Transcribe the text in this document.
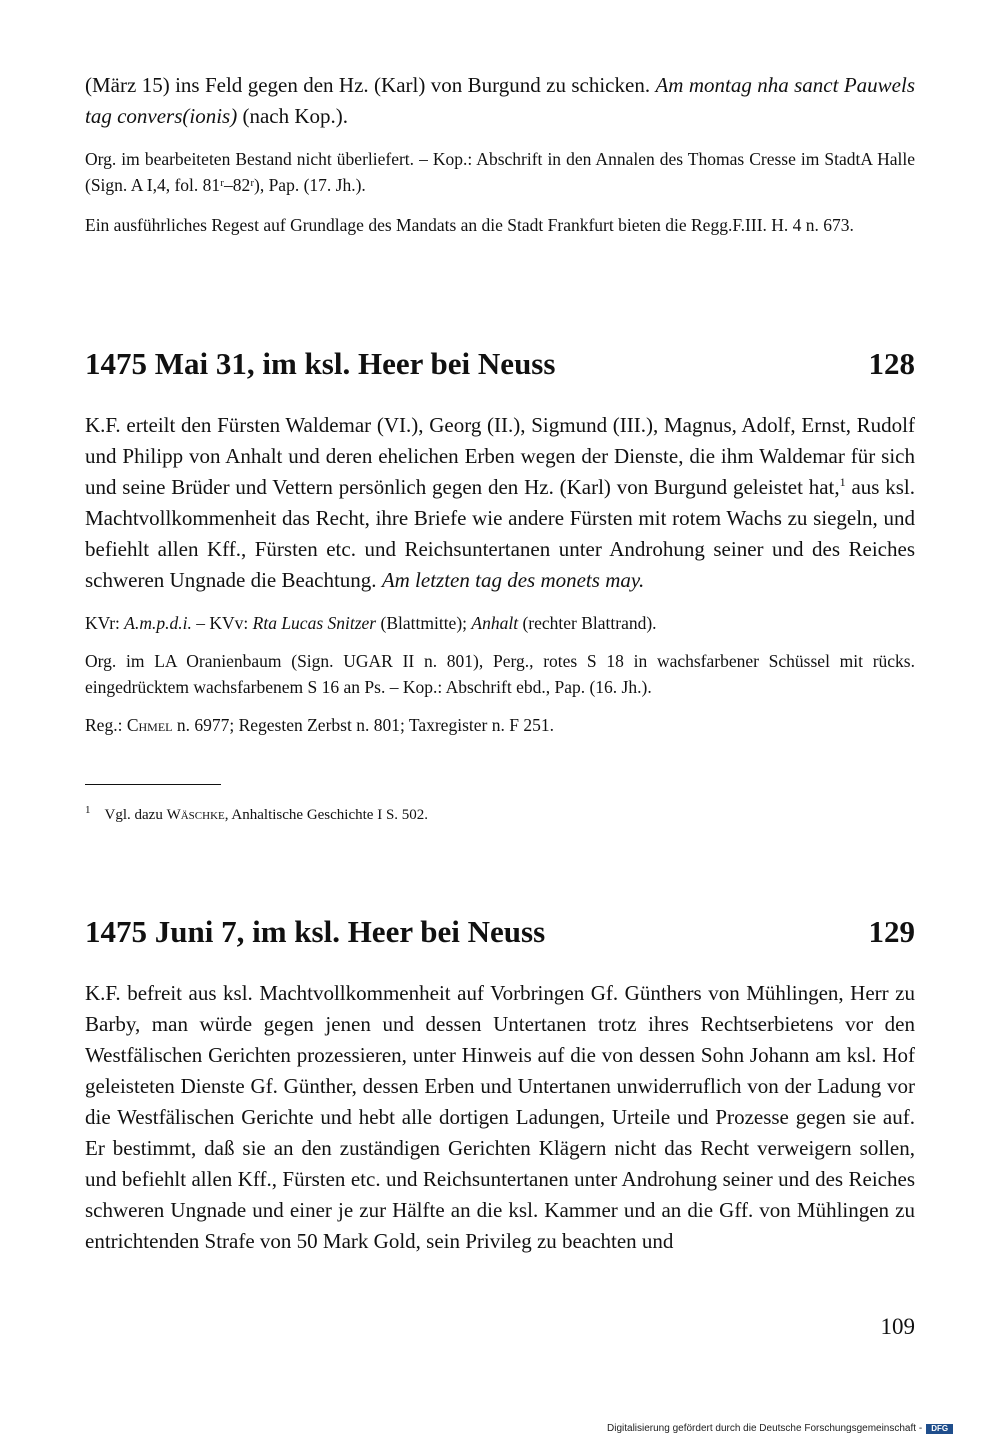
(März 15) ins Feld gegen den Hz. (Karl) von Burgund zu schicken. Am montag nha sanct Pauwels tag convers(ionis) (nach Kop.).

Org. im bearbeiteten Bestand nicht überliefert. – Kop.: Abschrift in den Annalen des Thomas Cresse im StadtA Halle (Sign. A I,4, fol. 81ʳ–82ʳ), Pap. (17. Jh.).

Ein ausführliches Regest auf Grundlage des Mandats an die Stadt Frankfurt bieten die Regg.F.III. H. 4 n. 673.

1475 Mai 31, im ksl. Heer bei Neuss	128

K.F. erteilt den Fürsten Waldemar (VI.), Georg (II.), Sigmund (III.), Magnus, Adolf, Ernst, Rudolf und Philipp von Anhalt und deren ehelichen Erben wegen der Dienste, die ihm Waldemar für sich und seine Brüder und Vettern persönlich gegen den Hz. (Karl) von Burgund geleistet hat,$^1$ aus ksl. Machtvollkommenheit das Recht, ihre Briefe wie andere Fürsten mit rotem Wachs zu siegeln, und befiehlt allen Kff., Fürsten etc. und Reichsuntertanen unter Androhung seiner und des Reiches schweren Ungnade die Beachtung. Am letzten tag des monets may.

KVr: A.m.p.d.i. – KVv: Rta Lucas Snitzer (Blattmitte); Anhalt (rechter Blattrand).

Org. im LA Oranienbaum (Sign. UGAR II n. 801), Perg., rotes S 18 in wachsfarbener Schüssel mit rücks. eingedrücktem wachsfarbenem S 16 an Ps. – Kop.: Abschrift ebd., Pap. (16. Jh.).

Reg.: Chmel n. 6977; Regesten Zerbst n. 801; Taxregister n. F 251.

$^1$ Vgl. dazu Wäschke, Anhaltische Geschichte I S. 502.

1475 Juni 7, im ksl. Heer bei Neuss	129

K.F. befreit aus ksl. Machtvollkommenheit auf Vorbringen Gf. Günthers von Mühlingen, Herr zu Barby, man würde gegen jenen und dessen Untertanen trotz ihres Rechtserbietens vor den Westfälischen Gerichten prozessieren, unter Hinweis auf die von dessen Sohn Johann am ksl. Hof geleisteten Dienste Gf. Günther, dessen Erben und Untertanen unwiderruflich von der Ladung vor die Westfälischen Gerichte und hebt alle dortigen Ladungen, Urteile und Prozesse gegen sie auf. Er bestimmt, daß sie an den zuständigen Gerichten Klägern nicht das Recht verweigern sollen, und befiehlt allen Kff., Fürsten etc. und Reichsuntertanen unter Androhung seiner und des Reiches schweren Ungnade und einer je zur Hälfte an die ksl. Kammer und an die Gff. von Mühlingen zu entrichtenden Strafe von 50 Mark Gold, sein Privileg zu beachten und

109
Digitalisierung gefördert durch die Deutsche Forschungsgemeinschaft -	DFG
